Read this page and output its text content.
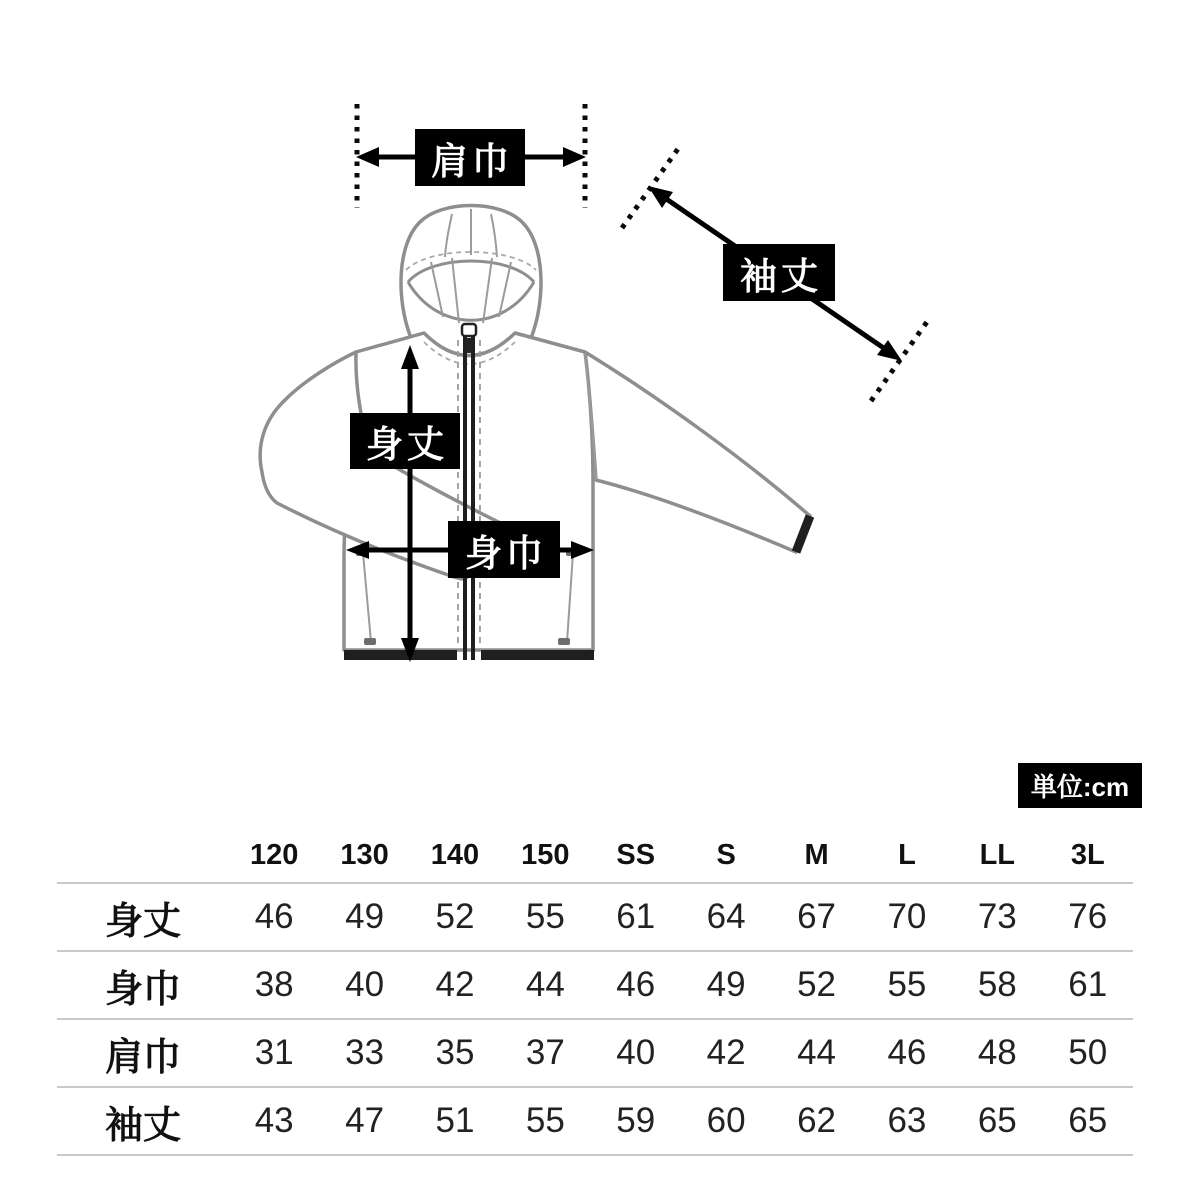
肩巾
袖丈
身丈
身巾
単位:cm
	120	130	140	150	SS	S	M	L	LL	3L
身丈	46	49	52	55	61	64	67	70	73	76
身巾	38	40	42	44	46	49	52	55	58	61
肩巾	31	33	35	37	40	42	44	46	48	50
袖丈	43	47	51	55	59	60	62	63	65	65
